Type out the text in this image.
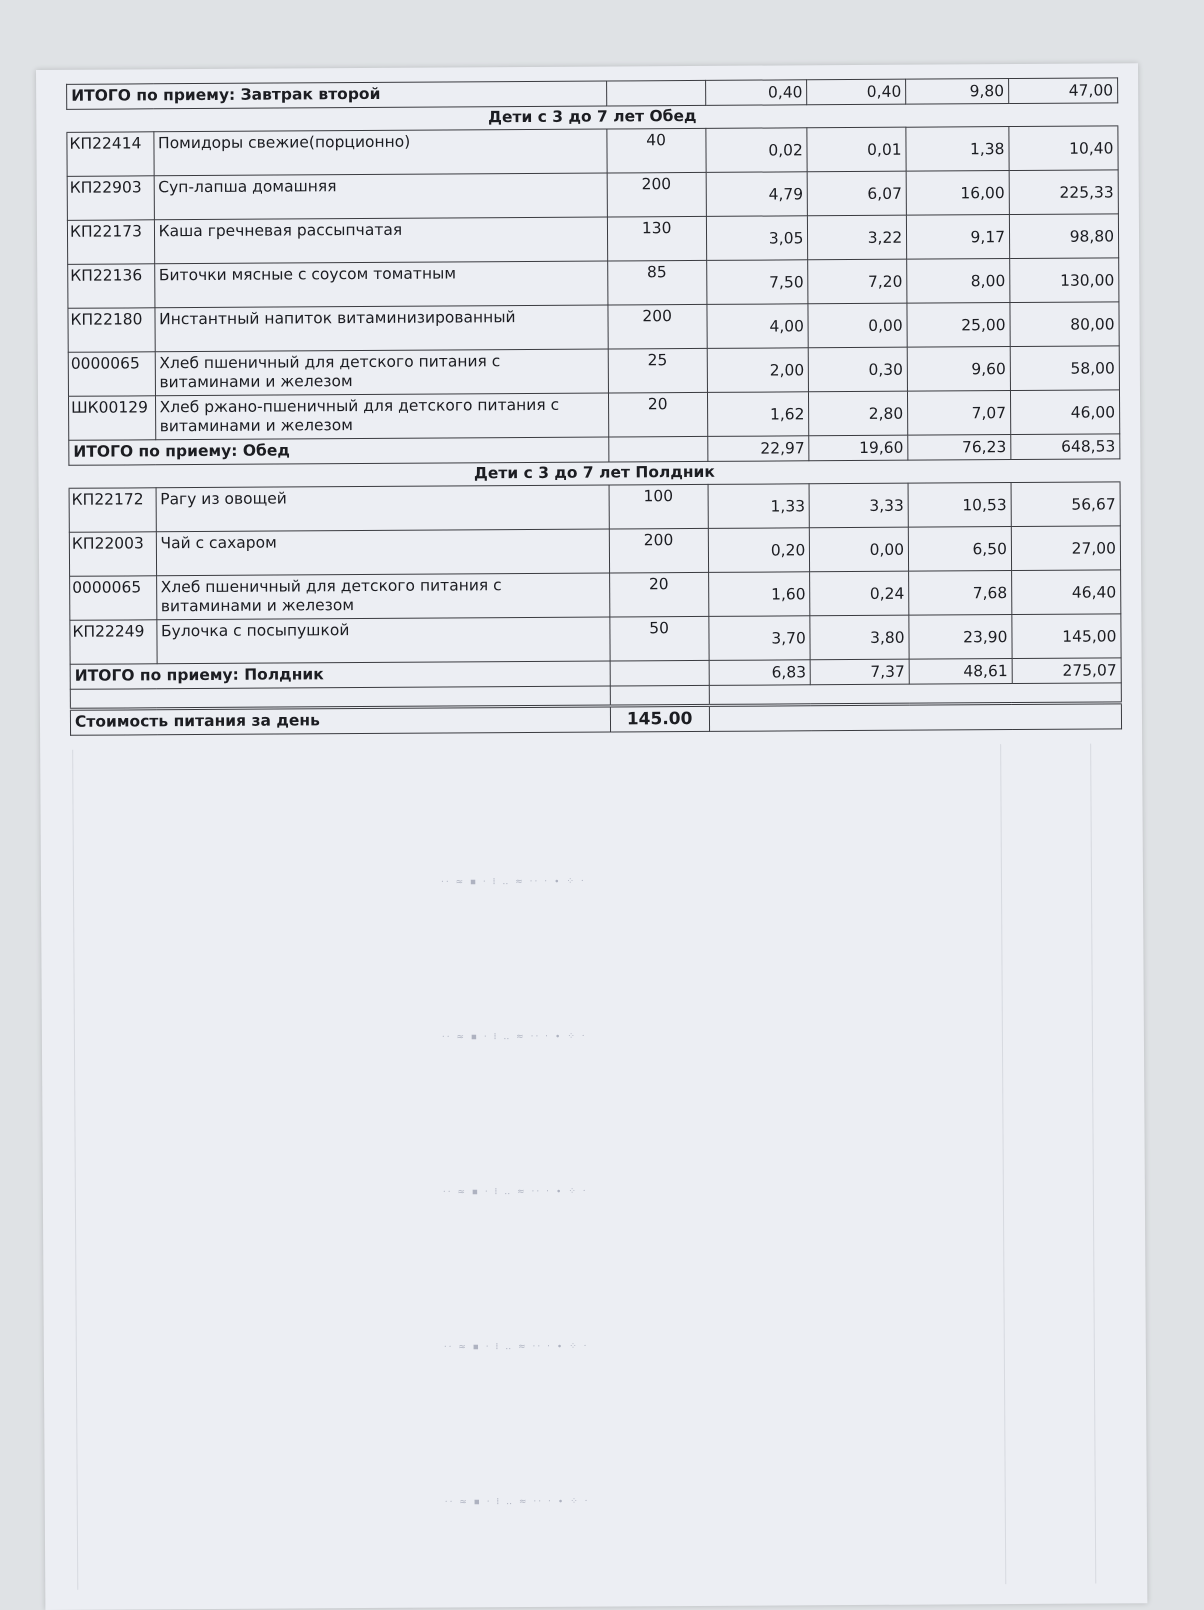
ИТОГО по приему: Завтрак второй			0,40	0,40	9,80	47,00
Дети с 3 до 7 лет Обед						
КП22414	Помидоры свежие(порционно)	40	0,02	0,01	1,38	10,40
КП22903	Суп-лапша домашняя	200	4,79	6,07	16,00	225,33
КП22173	Каша гречневая рассыпчатая	130	3,05	3,22	9,17	98,80
КП22136	Биточки мясные с соусом томатным	85	7,50	7,20	8,00	130,00
КП22180	Инстантный напиток витаминизированный	200	4,00	0,00	25,00	80,00
0000065	Хлеб пшеничный для детского питания с витаминами и железом	25	2,00	0,30	9,60	58,00
ШК00129	Хлеб ржано-пшеничный для детского питания с витаминами и железом	20	1,62	2,80	7,07	46,00
ИТОГО по приему: Обед			22,97	19,60	76,23	648,53
Дети с 3 до 7 лет Полдник						
КП22172	Рагу из овощей	100	1,33	3,33	10,53	56,67
КП22003	Чай с сахаром	200	0,20	0,00	6,50	27,00
0000065	Хлеб пшеничный для детского питания с витаминами и железом	20	1,60	0,24	7,68	46,40
КП22249	Булочка с посыпушкой	50	3,70	3,80	23,90	145,00
ИТОГО по приему: Полдник			6,83	7,37	48,61	275,07

Стоимость питания за день		145.00				
·· ≈ ▪ · ⁞ ‥ ≈ ·· · ∙ ⁘ ·
·· ≈ ▪ · ⁞ ‥ ≈ ·· · ∙ ⁘ ·
·· ≈ ▪ · ⁞ ‥ ≈ ·· · ∙ ⁘ ·
·· ≈ ▪ · ⁞ ‥ ≈ ·· · ∙ ⁘ ·
·· ≈ ▪ · ⁞ ‥ ≈ ·· · ∙ ⁘ ·
